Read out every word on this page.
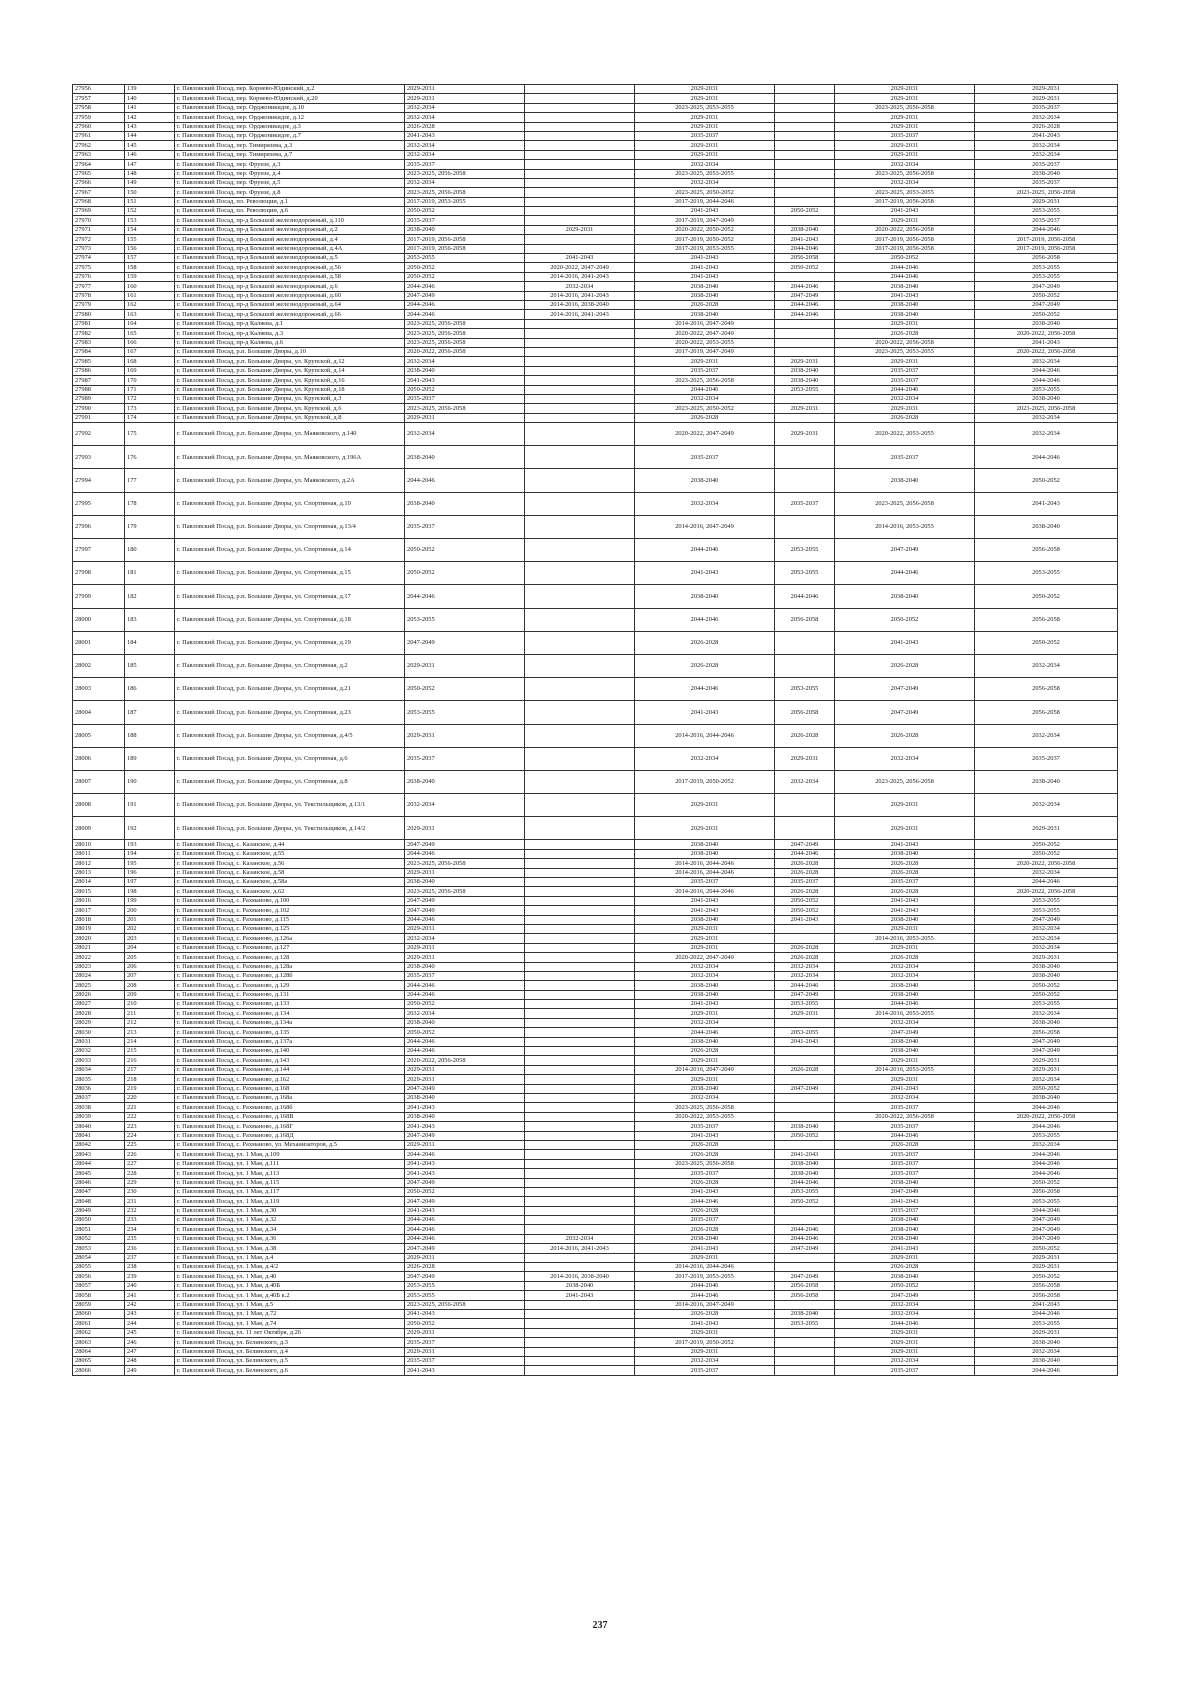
27956	139	г. Павловский Посад, пер. Корнево-Юдинский, д.2	2029-2031		2029-2031		2029-2031	2029-2031
27957	140	г. Павловский Посад, пер. Корнево-Юдинский, д.20	2029-2031		2029-2031		2029-2031	2029-2031
27958	141	г. Павловский Посад, пер. Орджоникидзе, д.10	2032-2034		2023-2025, 2053-2055		2023-2025, 2056-2058	2035-2037
27959	142	г. Павловский Посад, пер. Орджоникидзе, д.12	2032-2034		2029-2031		2029-2031	2032-2034
27960	143	г. Павловский Посад, пер. Орджоникидзе, д.3	2026-2028		2029-2031		2029-2031	2026-2028
27961	144	г. Павловский Посад, пер. Орджоникидзе, д.7	2041-2043		2035-2037		2035-2037	2041-2043
27962	145	г. Павловский Посад, пер. Тимирязева, д.3	2032-2034		2029-2031		2029-2031	2032-2034
27963	146	г. Павловский Посад, пер. Тимирязева, д.7	2032-2034		2029-2031		2029-2031	2032-2034
27964	147	г. Павловский Посад, пер. Фрунзе, д.3	2035-2037		2032-2034		2032-2034	2035-2037
27965	148	г. Павловский Посад, пер. Фрунзе, д.4	2023-2025, 2056-2058		2023-2025, 2053-2055		2023-2025, 2056-2058	2038-2040
27966	149	г. Павловский Посад, пер. Фрунзе, д.5	2032-2034		2032-2034		2032-2034	2035-2037
27967	150	г. Павловский Посад, пер. Фрунзе, д.8	2023-2025, 2056-2058		2023-2025, 2050-2052		2023-2025, 2053-2055	2023-2025, 2056-2058
27968	151	г. Павловский Посад, пл. Революции, д.1	2017-2019, 2053-2055		2017-2019, 2044-2046		2017-2019, 2056-2058	2029-2031
27969	152	г. Павловский Посад, пл. Революции, д.6	2050-2052		2041-2043	2050-2052	2041-2043	2053-2055
27970	153	г. Павловский Посад, пр-д Большой железнодорожный, д.110	2035-2037		2017-2019, 2047-2049		2029-2031	2035-2037
27971	154	г. Павловский Посад, пр-д Большой железнодорожный, д.2	2038-2040	2029-2031	2020-2022, 2050-2052	2038-2040	2020-2022, 2056-2058	2044-2046
27972	155	г. Павловский Посад, пр-д Большой железнодорожный, д.4	2017-2019, 2056-2058		2017-2019, 2050-2052	2041-2043	2017-2019, 2056-2058	2017-2019, 2056-2058
27973	156	г. Павловский Посад, пр-д Большой железнодорожный, д.4А	2017-2019, 2056-2058		2017-2019, 2053-2055	2044-2046	2017-2019, 2056-2058	2017-2019, 2056-2058
27974	157	г. Павловский Посад, пр-д Большой железнодорожный, д.5	2053-2055	2041-2043	2041-2043	2056-2058	2050-2052	2056-2058
27975	158	г. Павловский Посад, пр-д Большой железнодорожный, д.56	2050-2052	2020-2022, 2047-2049	2041-2043	2050-2052	2044-2046	2053-2055
27976	159	г. Павловский Посад, пр-д Большой железнодорожный, д.58	2050-2052	2014-2016, 2041-2043	2041-2043		2044-2046	2053-2055
27977	160	г. Павловский Посад, пр-д Большой железнодорожный, д.6	2044-2046	2032-2034	2038-2040	2044-2046	2038-2040	2047-2049
27978	161	г. Павловский Посад, пр-д Большой железнодорожный, д.60	2047-2049	2014-2016, 2041-2043	2038-2040	2047-2049	2041-2043	2050-2052
27979	162	г. Павловский Посад, пр-д Большой железнодорожный, д.64	2044-2046	2014-2016, 2038-2040	2026-2028	2044-2046	2038-2040	2047-2049
27980	163	г. Павловский Посад, пр-д Большой железнодорожный, д.66	2044-2046	2014-2016, 2041-2043	2038-2040	2044-2046	2038-2040	2050-2052
27981	164	г. Павловский Посад, пр-д Каляева, д.1	2023-2025, 2056-2058		2014-2016, 2047-2049		2029-2031	2038-2040
27982	165	г. Павловский Посад, пр-д Каляева, д.3	2023-2025, 2056-2058		2020-2022, 2047-2049		2026-2028	2020-2022, 2056-2058
27983	166	г. Павловский Посад, пр-д Каляева, д.6	2023-2025, 2056-2058		2020-2022, 2053-2055		2020-2022, 2056-2058	2041-2043
27984	167	г. Павловский Посад, р.п. Большие Дворы, д.10	2020-2022, 2056-2058		2017-2019, 2047-2049		2023-2025, 2053-2055	2020-2022, 2056-2058
27985	168	г. Павловский Посад, р.п. Большие Дворы, ул. Крупской, д.12	2032-2034		2029-2031	2029-2031	2029-2031	2032-2034
27986	169	г. Павловский Посад, р.п. Большие Дворы, ул. Крупской, д.14	2038-2040		2035-2037	2038-2040	2035-2037	2044-2046
27987	170	г. Павловский Посад, р.п. Большие Дворы, ул. Крупской, д.16	2041-2043		2023-2025, 2056-2058	2038-2040	2035-2037	2044-2046
27988	171	г. Павловский Посад, р.п. Большие Дворы, ул. Крупской, д.18	2050-2052		2044-2046	2053-2055	2044-2046	2053-2055
27989	172	г. Павловский Посад, р.п. Большие Дворы, ул. Крупской, д.3	2035-2037		2032-2034		2032-2034	2038-2040
27990	173	г. Павловский Посад, р.п. Большие Дворы, ул. Крупской, д.6	2023-2025, 2056-2058		2023-2025, 2050-2052	2029-2031	2029-2031	2023-2025, 2056-2058
27991	174	г. Павловский Посад, р.п. Большие Дворы, ул. Крупской, д.8	2029-2031		2026-2028		2026-2028	2032-2034
27992	175	г. Павловский Посад, р.п. Большие Дворы, ул. Маяковского, д.140	2032-2034		2020-2022, 2047-2049	2029-2031	2020-2022, 2053-2055	2032-2034
27993	176	г. Павловский Посад, р.п. Большие Дворы, ул. Маяковского, д.196А	2038-2040		2035-2037		2035-2037	2044-2046
27994	177	г. Павловский Посад, р.п. Большие Дворы, ул. Маяковского, д.2А	2044-2046		2038-2040		2038-2040	2050-2052
27995	178	г. Павловский Посад, р.п. Большие Дворы, ул. Спортивная, д.10	2038-2040		2032-2034	2035-2037	2023-2025, 2056-2058	2041-2043
27996	179	г. Павловский Посад, р.п. Большие Дворы, ул. Спортивная, д.13/4	2035-2037		2014-2016, 2047-2049		2014-2016, 2053-2055	2038-2040
27997	180	г. Павловский Посад, р.п. Большие Дворы, ул. Спортивная, д.14	2050-2052		2044-2046	2053-2055	2047-2049	2056-2058
27998	181	г. Павловский Посад, р.п. Большие Дворы, ул. Спортивная, д.15	2050-2052		2041-2043	2053-2055	2044-2046	2053-2055
27999	182	г. Павловский Посад, р.п. Большие Дворы, ул. Спортивная, д.17	2044-2046		2038-2040	2044-2046	2038-2040	2050-2052
28000	183	г. Павловский Посад, р.п. Большие Дворы, ул. Спортивная, д.18	2053-2055		2044-2046	2056-2058	2050-2052	2056-2058
28001	184	г. Павловский Посад, р.п. Большие Дворы, ул. Спортивная, д.19	2047-2049		2026-2028		2041-2043	2050-2052
28002	185	г. Павловский Посад, р.п. Большие Дворы, ул. Спортивная, д.2	2029-2031		2026-2028		2026-2028	2032-2034
28003	186	г. Павловский Посад, р.п. Большие Дворы, ул. Спортивная, д.21	2050-2052		2044-2046	2053-2055	2047-2049	2056-2058
28004	187	г. Павловский Посад, р.п. Большие Дворы, ул. Спортивная, д.23	2053-2055		2041-2043	2056-2058	2047-2049	2056-2058
28005	188	г. Павловский Посад, р.п. Большие Дворы, ул. Спортивная, д.4/5	2029-2031		2014-2016, 2044-2046	2026-2028	2026-2028	2032-2034
28006	189	г. Павловский Посад, р.п. Большие Дворы, ул. Спортивная, д.6	2035-2037		2032-2034	2029-2031	2032-2034	2035-2037
28007	190	г. Павловский Посад, р.п. Большие Дворы, ул. Спортивная, д.8	2038-2040		2017-2019, 2050-2052	2032-2034	2023-2025, 2056-2058	2038-2040
28008	191	г. Павловский Посад, р.п. Большие Дворы, ул. Текстильщиков, д.13/1	2032-2034		2029-2031		2029-2031	2032-2034
28009	192	г. Павловский Посад, р.п. Большие Дворы, ул. Текстильщиков, д.14/2	2029-2031		2029-2031		2029-2031	2029-2031
28010	193	г. Павловский Посад, с. Казанское, д.44	2047-2049		2038-2040	2047-2049	2041-2043	2050-2052
28011	194	г. Павловский Посад, с. Казанское, д.55	2044-2046		2038-2040	2044-2046	2038-2040	2050-2052
28012	195	г. Павловский Посад, с. Казанское, д.56	2023-2025, 2056-2058		2014-2016, 2044-2046	2026-2028	2026-2028	2020-2022, 2056-2058
28013	196	г. Павловский Посад, с. Казанское, д.58	2029-2031		2014-2016, 2044-2046	2026-2028	2026-2028	2032-2034
28014	197	г. Павловский Посад, с. Казанское, д.58а	2038-2040		2035-2037	2035-2037	2035-2037	2044-2046
28015	198	г. Павловский Посад, с. Казанское, д.62	2023-2025, 2056-2058		2014-2016, 2044-2046	2026-2028	2026-2028	2020-2022, 2056-2058
28016	199	г. Павловский Посад, с. Рахманово, д.100	2047-2049		2041-2043	2050-2052	2041-2043	2053-2055
28017	200	г. Павловский Посад, с. Рахманово, д.102	2047-2049		2041-2043	2050-2052	2041-2043	2053-2055
28018	201	г. Павловский Посад, с. Рахманово, д.115	2044-2046		2038-2040	2041-2043	2038-2040	2047-2049
28019	202	г. Павловский Посад, с. Рахманово, д.125	2029-2031		2029-2031		2029-2031	2032-2034
28020	203	г. Павловский Посад, с. Рахманово, д.126а	2032-2034		2029-2031		2014-2016, 2053-2055	2032-2034
28021	204	г. Павловский Посад, с. Рахманово, д.127	2029-2031		2029-2031	2026-2028	2029-2031	2032-2034
28022	205	г. Павловский Посад, с. Рахманово, д.128	2029-2031		2020-2022, 2047-2049	2026-2028	2026-2028	2029-2031
28023	206	г. Павловский Посад, с. Рахманово, д.128а	2038-2040		2032-2034	2032-2034	2032-2034	2038-2040
28024	207	г. Павловский Посад, с. Рахманово, д.128б	2035-2037		2032-2034	2032-2034	2032-2034	2038-2040
28025	208	г. Павловский Посад, с. Рахманово, д.129	2044-2046		2038-2040	2044-2046	2038-2040	2050-2052
28026	209	г. Павловский Посад, с. Рахманово, д.131	2044-2046		2038-2040	2047-2049	2038-2040	2050-2052
28027	210	г. Павловский Посад, с. Рахманово, д.133	2050-2052		2041-2043	2053-2055	2044-2046	2053-2055
28028	211	г. Павловский Посад, с. Рахманово, д.134	2032-2034		2029-2031	2029-2031	2014-2016, 2053-2055	2032-2034
28029	212	г. Павловский Посад, с. Рахманово, д.134а	2038-2040		2032-2034		2032-2034	2038-2040
28030	213	г. Павловский Посад, с. Рахманово, д.135	2050-2052		2044-2046	2053-2055	2047-2049	2056-2058
28031	214	г. Павловский Посад, с. Рахманово, д.137а	2044-2046		2038-2040	2041-2043	2038-2040	2047-2049
28032	215	г. Павловский Посад, с. Рахманово, д.140	2044-2046		2026-2028		2038-2040	2047-2049
28033	216	г. Павловский Посад, с. Рахманово, д.143	2020-2022, 2056-2058		2029-2031		2029-2031	2029-2031
28034	217	г. Павловский Посад, с. Рахманово, д.144	2029-2031		2014-2016, 2047-2049	2026-2028	2014-2016, 2053-2055	2029-2031
28035	218	г. Павловский Посад, с. Рахманово, д.162	2029-2031		2029-2031		2029-2031	2032-2034
28036	219	г. Павловский Посад, с. Рахманово, д.168	2047-2049		2038-2040	2047-2049	2041-2043	2050-2052
28037	220	г. Павловский Посад, с. Рахманово, д.168а	2038-2040		2032-2034		2032-2034	2038-2040
28038	221	г. Павловский Посад, с. Рахманово, д.168б	2041-2043		2023-2025, 2056-2058		2035-2037	2044-2046
28039	222	г. Павловский Посад, с. Рахманово, д.168В	2038-2040		2020-2022, 2053-2055		2020-2022, 2056-2058	2020-2022, 2056-2058
28040	223	г. Павловский Посад, с. Рахманово, д.168Г	2041-2043		2035-2037	2038-2040	2035-2037	2044-2046
28041	224	г. Павловский Посад, с. Рахманово, д.168Д	2047-2049		2041-2043	2050-2052	2044-2046	2053-2055
28042	225	г. Павловский Посад, с. Рахманово, ул. Механизаторов, д.5	2029-2031		2026-2028		2026-2028	2032-2034
28043	226	г. Павловский Посад, ул. 1 Мая, д.109	2044-2046		2026-2028	2041-2043	2035-2037	2044-2046
28044	227	г. Павловский Посад, ул. 1 Мая, д.111	2041-2043		2023-2025, 2056-2058	2038-2040	2035-2037	2044-2046
28045	228	г. Павловский Посад, ул. 1 Мая, д.113	2041-2043		2035-2037	2038-2040	2035-2037	2044-2046
28046	229	г. Павловский Посад, ул. 1 Мая, д.115	2047-2049		2026-2028	2044-2046	2038-2040	2050-2052
28047	230	г. Павловский Посад, ул. 1 Мая, д.117	2050-2052		2041-2043	2053-2055	2047-2049	2056-2058
28048	231	г. Павловский Посад, ул. 1 Мая, д.119	2047-2049		2044-2046	2050-2052	2041-2043	2053-2055
28049	232	г. Павловский Посад, ул. 1 Мая, д.30	2041-2043		2026-2028		2035-2037	2044-2046
28050	233	г. Павловский Посад, ул. 1 Мая, д.32	2044-2046		2035-2037		2038-2040	2047-2049
28051	234	г. Павловский Посад, ул. 1 Мая, д.34	2044-2046		2026-2028	2044-2046	2038-2040	2047-2049
28052	235	г. Павловский Посад, ул. 1 Мая, д.36	2044-2046	2032-2034	2038-2040	2044-2046	2038-2040	2047-2049
28053	236	г. Павловский Посад, ул. 1 Мая, д.38	2047-2049	2014-2016, 2041-2043	2041-2043	2047-2049	2041-2043	2050-2052
28054	237	г. Павловский Посад, ул. 1 Мая, д.4	2029-2031		2029-2031		2029-2031	2029-2031
28055	238	г. Павловский Посад, ул. 1 Мая, д.4/2	2026-2028		2014-2016, 2044-2046		2026-2028	2029-2031
28056	239	г. Павловский Посад, ул. 1 Мая, д.40	2047-2049	2014-2016, 2038-2040	2017-2019, 2053-2055	2047-2049	2038-2040	2050-2052
28057	240	г. Павловский Посад, ул. 1 Мая, д.40Б	2053-2055	2038-2040	2044-2046	2056-2058	2050-2052	2056-2058
28058	241	г. Павловский Посад, ул. 1 Мая, д.40Б к.2	2053-2055	2041-2043	2044-2046	2056-2058	2047-2049	2056-2058
28059	242	г. Павловский Посад, ул. 1 Мая, д.5	2023-2025, 2056-2058		2014-2016, 2047-2049		2032-2034	2041-2043
28060	243	г. Павловский Посад, ул. 1 Мая, д.72	2041-2043		2026-2028	2038-2040	2032-2034	2044-2046
28061	244	г. Павловский Посад, ул. 1 Мая, д.74	2050-2052		2041-2043	2053-2055	2044-2046	2053-2055
28062	245	г. Павловский Посад, ул. 11 лет Октября, д.26	2029-2031		2029-2031		2029-2031	2029-2031
28063	246	г. Павловский Посад, ул. Белинского, д.3	2035-2037		2017-2019, 2050-2052		2029-2031	2038-2040
28064	247	г. Павловский Посад, ул. Белинского, д.4	2029-2031		2029-2031		2029-2031	2032-2034
28065	248	г. Павловский Посад, ул. Белинского, д.5	2035-2037		2032-2034		2032-2034	2038-2040
28066	249	г. Павловский Посад, ул. Белинского, д.6	2041-2043		2035-2037		2035-2037	2044-2046
237
